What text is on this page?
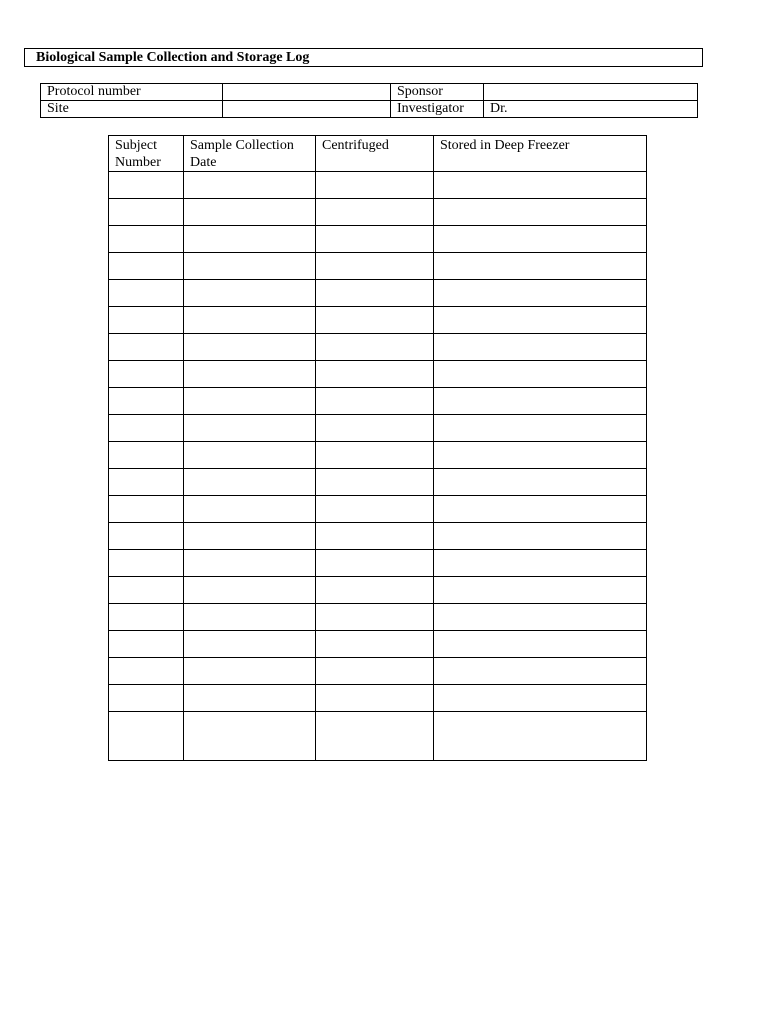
Biological Sample Collection and Storage Log
Protocol number		Sponsor	
Site		Investigator	Dr.
Subject Number	Sample Collection Date	Centrifuged	Stored in Deep Freezer
